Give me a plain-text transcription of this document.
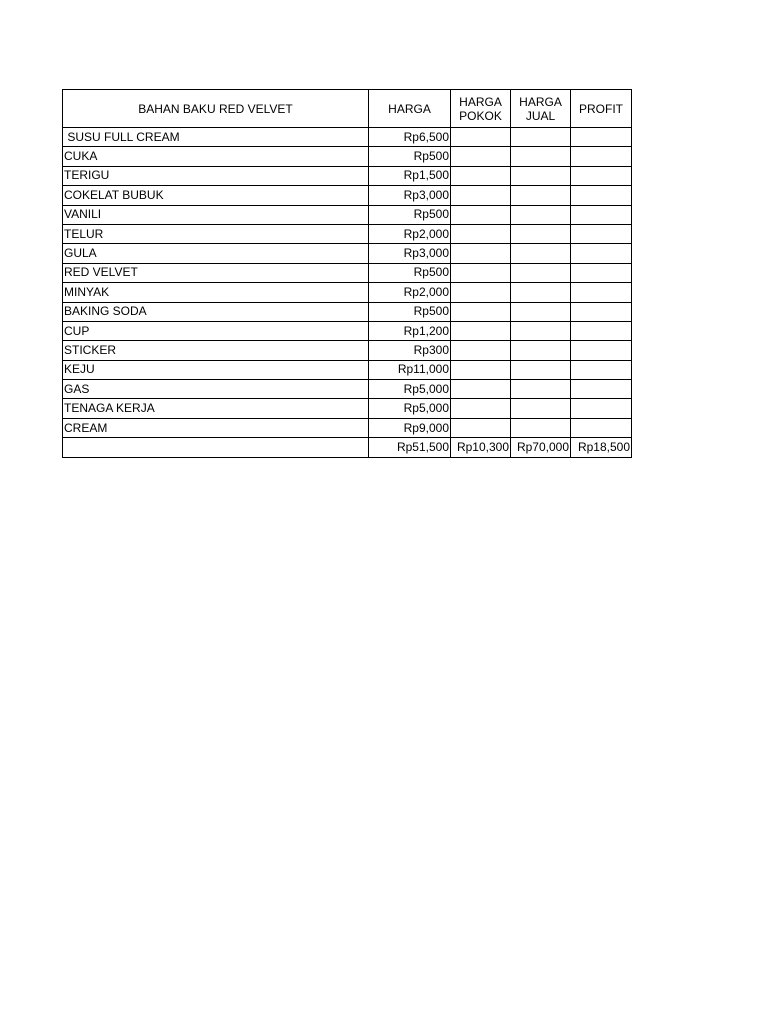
BAHAN BAKU RED VELVET	HARGA	HARGA POKOK	HARGA JUAL	PROFIT
SUSU FULL CREAM	Rp6,500			
CUKA	Rp500			
TERIGU	Rp1,500			
COKELAT BUBUK	Rp3,000			
VANILI	Rp500			
TELUR	Rp2,000			
GULA	Rp3,000			
RED VELVET	Rp500			
MINYAK	Rp2,000			
BAKING SODA	Rp500			
CUP	Rp1,200			
STICKER	Rp300			
KEJU	Rp11,000			
GAS	Rp5,000			
TENAGA KERJA	Rp5,000			
CREAM	Rp9,000			
	Rp51,500	Rp10,300	Rp70,000	Rp18,500
